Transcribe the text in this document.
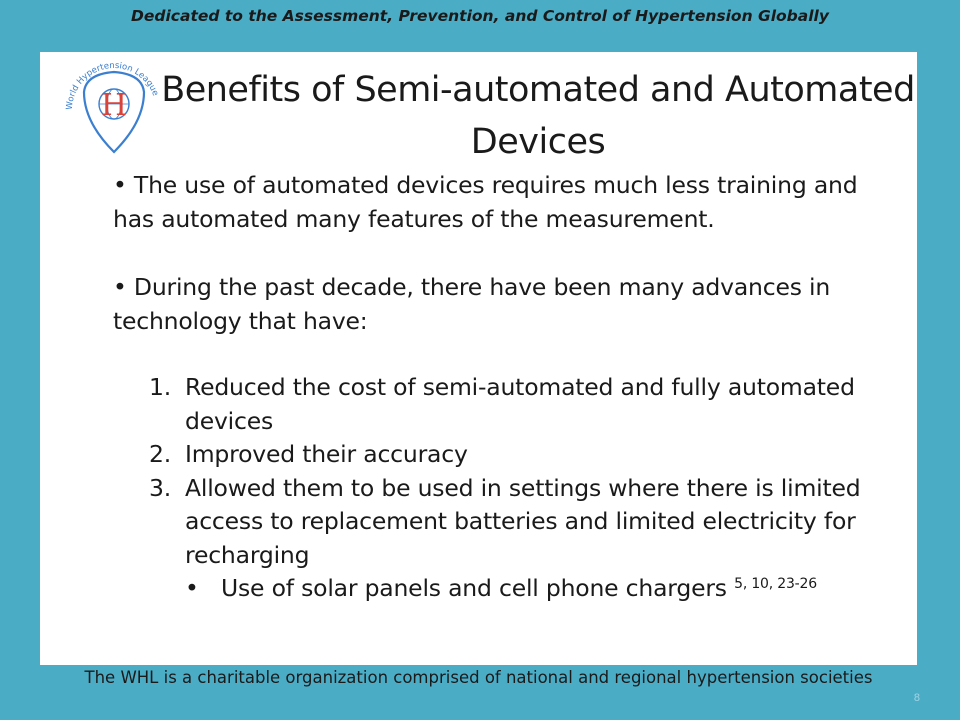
Dedicated to the Assessment, Prevention, and Control of Hypertension Globally
World Hypertension League
H Benefits of Semi-automated and Automated Devices
• The use of automated devices requires much less training and has automated many features of the measurement.
• During the past decade, there have been many advances in technology that have:
1. Reduced the cost of semi-automated and fully automated devices
2. Improved their accuracy
3. Allowed them to be used in settings where there is limited access to replacement batteries and limited electricity for recharging
• Use of solar panels and cell phone chargers $^{5, 10, 23-26}$
The WHL is a charitable organization comprised of national and regional hypertension societies
8
